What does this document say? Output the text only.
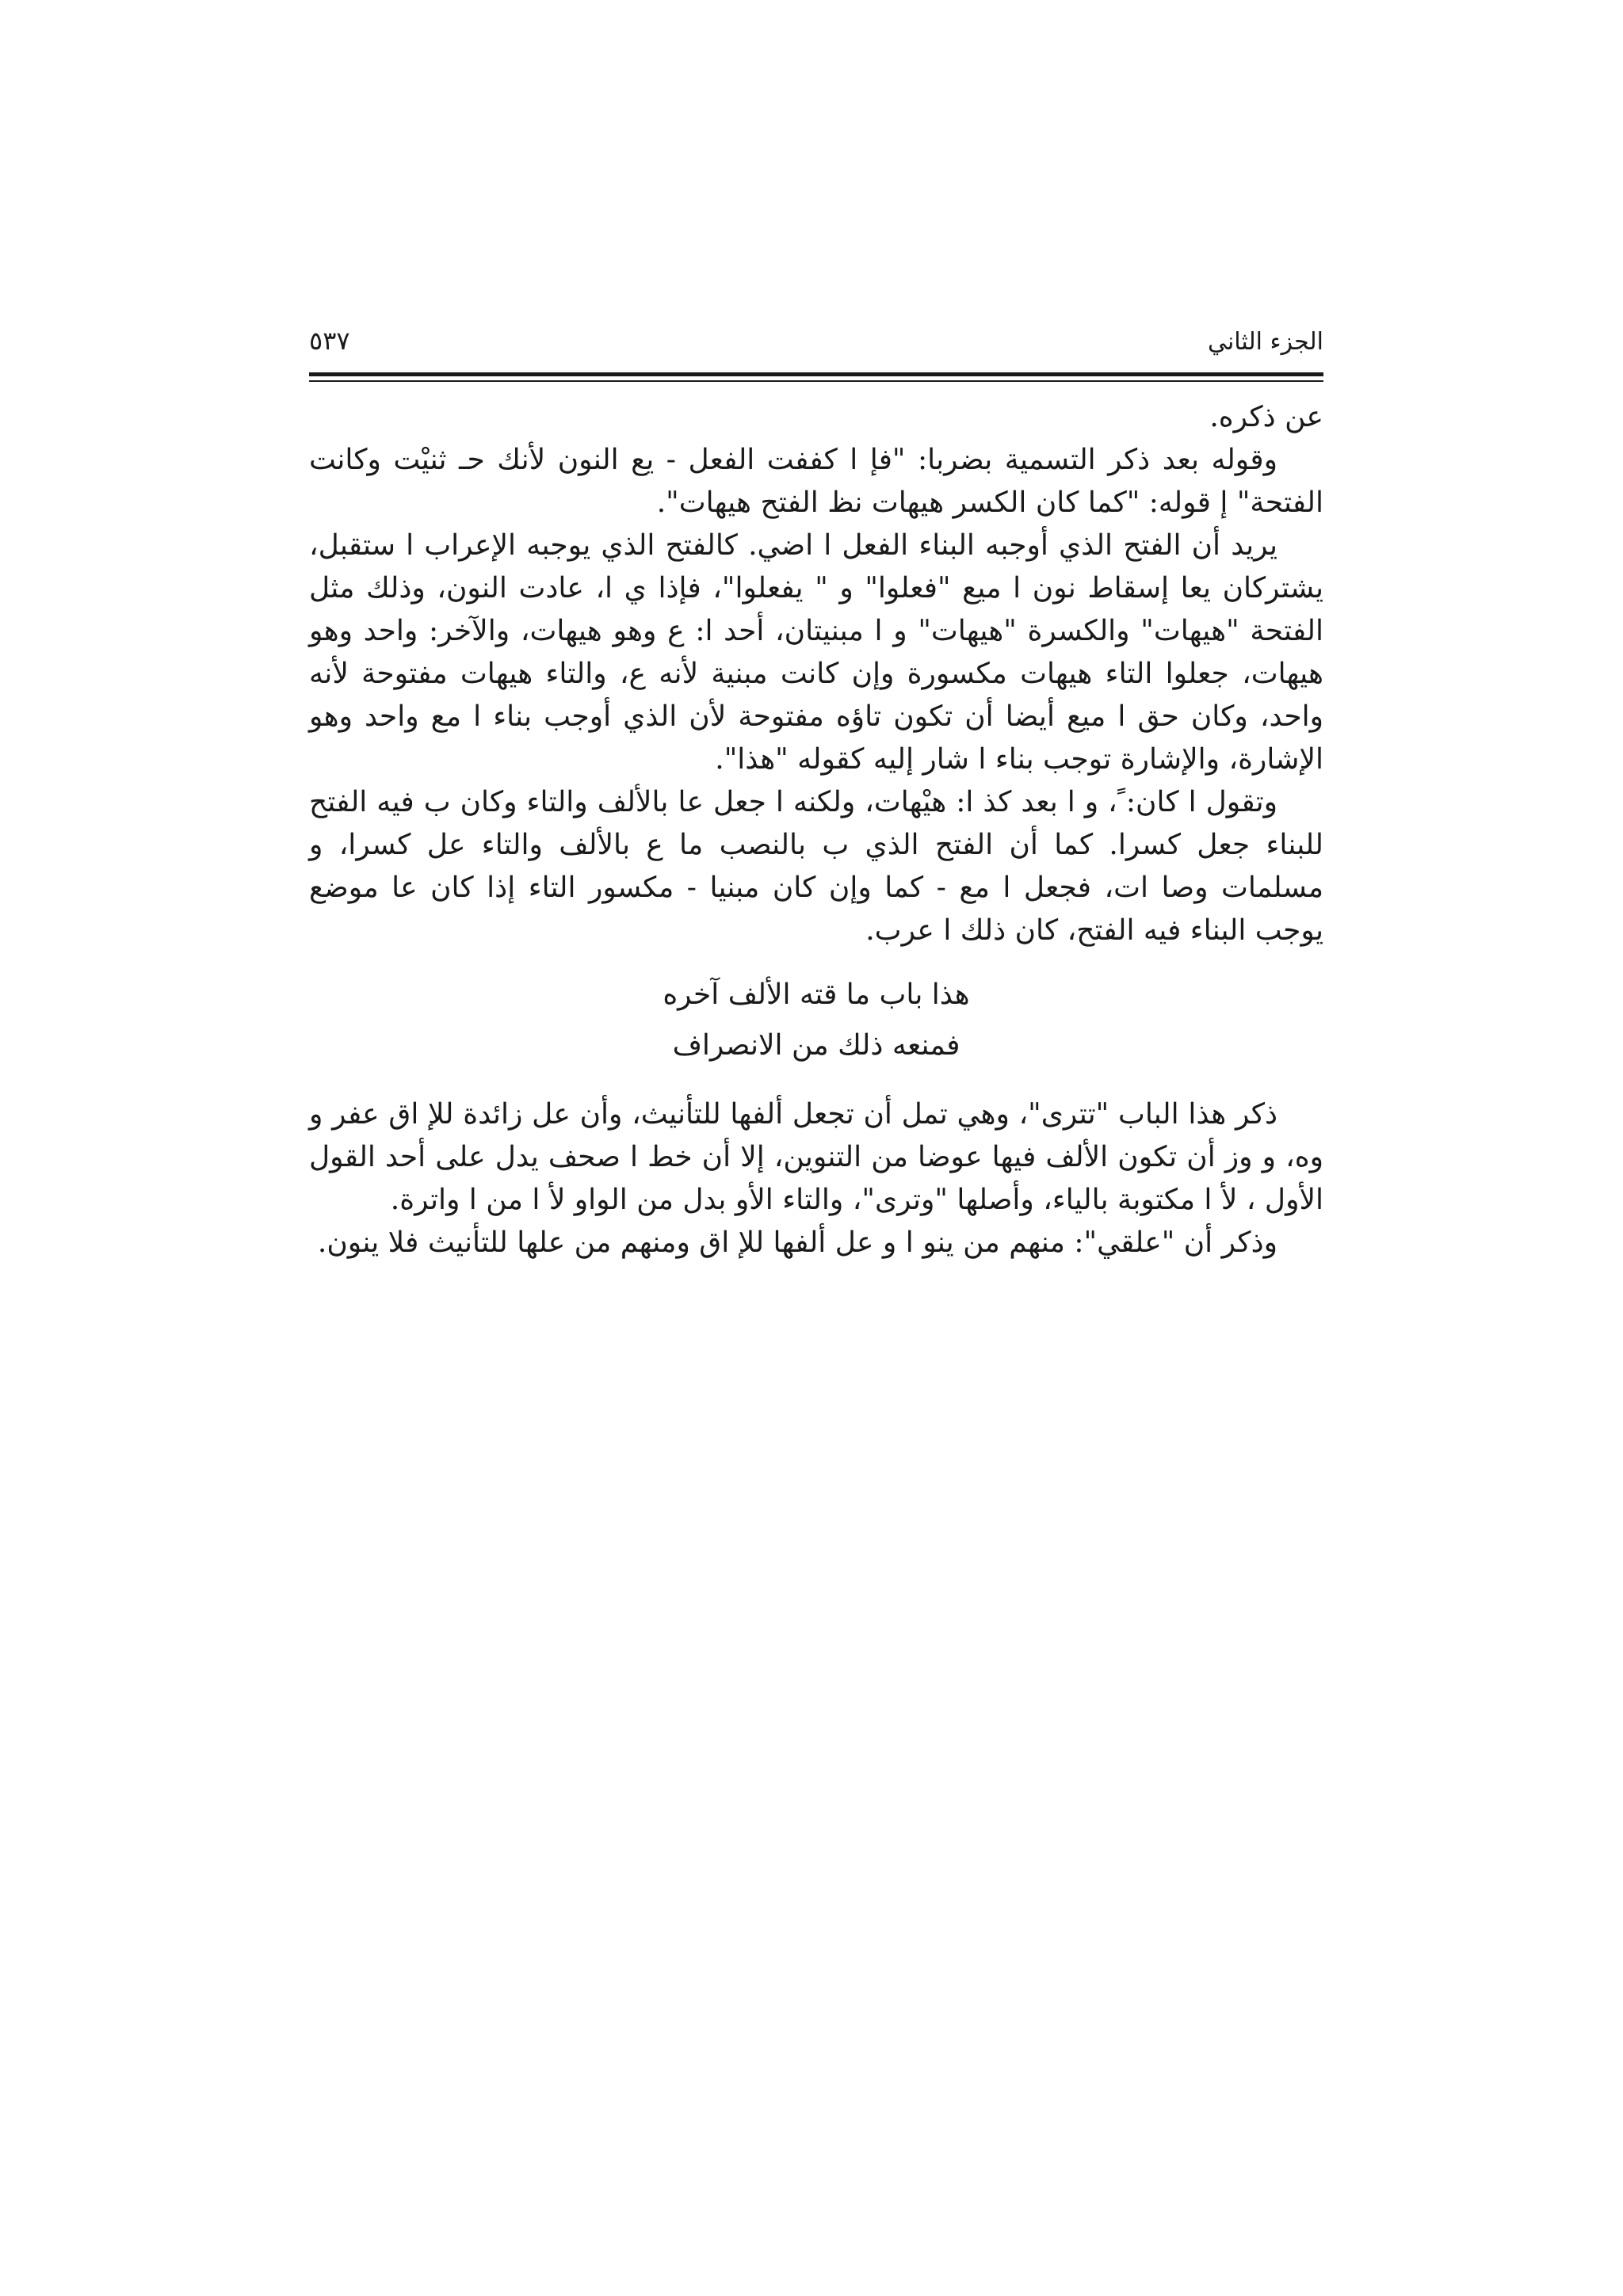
الجزء الثاني
٥٣٧

عن ذكره.

وقوله بعد ذكر التسمية بضربا: "فإ ا كففت الفعل - يع النون لأنك حـ ثنيْت وكانت الفتحة" إ قوله: "كما كان الكسر هيهات نظ الفتح هيهات".

يريد أن الفتح الذي أوجبه البناء الفعل ا اضي. كالفتح الذي يوجبه الإعراب ا ستقبل، يشتركان يعا إسقاط نون ا ميع "فعلوا" و " يفعلوا"، فإذا ي ا، عادت النون، وذلك مثل الفتحة "هيهات" والكسرة "هيهات" و ا مبنيتان، أحد ا: ع وهو هيهات، والآخر: واحد وهو هيهات، جعلوا التاء هيهات مكسورة وإن كانت مبنية لأنه ع، والتاء هيهات مفتوحة لأنه واحد، وكان حق ا ميع أيضا أن تكون تاؤه مفتوحة لأن الذي أوجب بناء ا مع واحد وهو الإشارة، والإشارة توجب بناء ا شار إليه كقوله "هذا".

وتقول ا كان: ً، و ا بعد كذ ا: هيْهات، ولكنه ا جعل عا بالألف والتاء وكان ب فيه الفتح للبناء جعل كسرا. كما أن الفتح الذي ب بالنصب ما ع بالألف والتاء عل كسرا، و مسلمات وصا ات، فجعل ا مع - كما وإن كان مبنيا - مكسور التاء إذا كان عا موضع يوجب البناء فيه الفتح، كان ذلك ا عرب.

هذا باب ما قته الألف آخره

فمنعه ذلك من الانصراف

ذكر هذا الباب "تترى"، وهي تمل أن تجعل ألفها للتأنيث، وأن عل زائدة للإ اق عفر و وه، و وز أن تكون الألف فيها عوضا من التنوين، إلا أن خط ا صحف يدل على أحد القول الأول ، لأ ا مكتوبة بالياء، وأصلها "وترى"، والتاء الأو بدل من الواو لأ ا من ا واترة.

وذكر أن "علقي": منهم من ينو ا و عل ألفها للإ اق ومنهم من علها للتأنيث فلا ينون.
